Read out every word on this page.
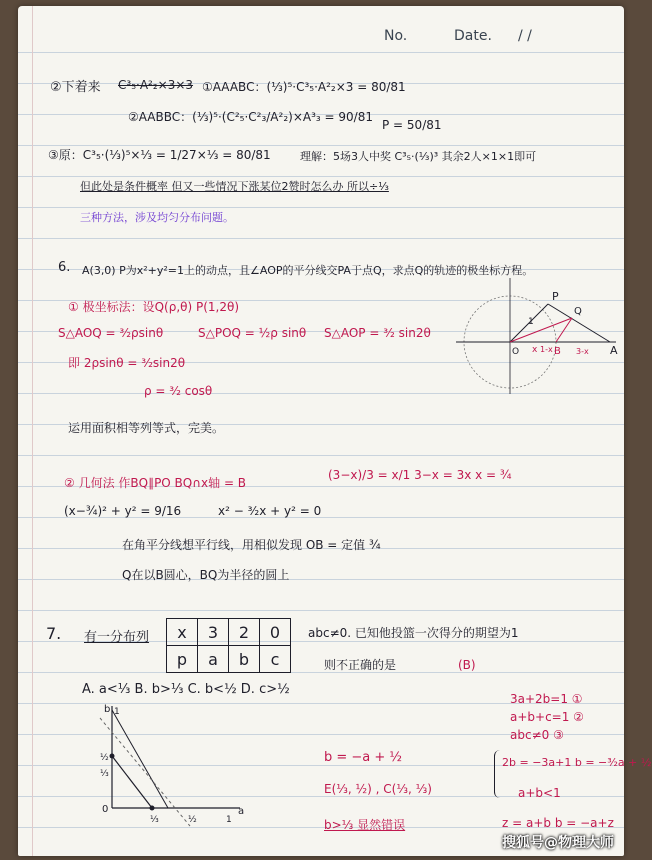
No.	Date. / /
②下着来 C³₅·A²₂×3×3 ①AAABC：(⅓)⁵·C³₅·A²₂×3 = 80/81
②AABBC：(⅓)⁵·(C²₅·C²₃/A²₂)×A³₃ = 90/81
P = 50/81
③原：C³₅·(⅓)⁵×⅓ = 1/27×⅓ = 80/81	理解：5场3人中奖 C³₅·(⅓)³ 其余2人×1×1即可
但此处是条件概率 但又一些情况下涨某位2赞时怎么办 所以÷⅓
三种方法，涉及均匀分布问题。
6. A(3,0) P为x²+y²=1上的动点，且∠AOP的平分线交PA于点Q，求点Q的轨迹的极坐标方程。
① 极坐标法：设Q(ρ,θ) P(1,2θ)
S△AOQ = ³⁄₂ρsinθ	S△POQ = ½ρ sinθ S△AOP = ³⁄₂ sin2θ
即 2ρsinθ = ³⁄₂sin2θ
ρ = ³⁄₂ cosθ
运用面积相等列等式，完美。
P
Q
A
B
O
1
x 1-x	3-x
② 几何法 作BQ∥PO BQ∩x轴 = B
(3−x)/3 = x/1 3−x = 3x x = ¾
(x−¾)² + y² = 9/16	x² − ³⁄₂x + y² = 0
在角平分线想平行线，用相似发现 OB = 定值 ¾
Q在以B圆心，BQ为半径的圆上
7. 有一分布列 x	3	2	0
p	a	b	c
abc≠0. 已知他投篮一次得分的期望为1
则不正确的是	(B)
A. a<⅓ B. b>⅓ C. b<½ D. c>½
b 1
½
⅓
0	a
⅓	½	1
3a+2b=1 ①
a+b+c=1 ②
abc≠0 ③
2b = −3a+1 b = −³⁄₂a + ½
a+b<1
b = −a + ½
E(⅓, ½) , C(⅓, ⅓)
b>⅓ 显然错误	z = a+b b = −a+z
搜狐号@物理大师
